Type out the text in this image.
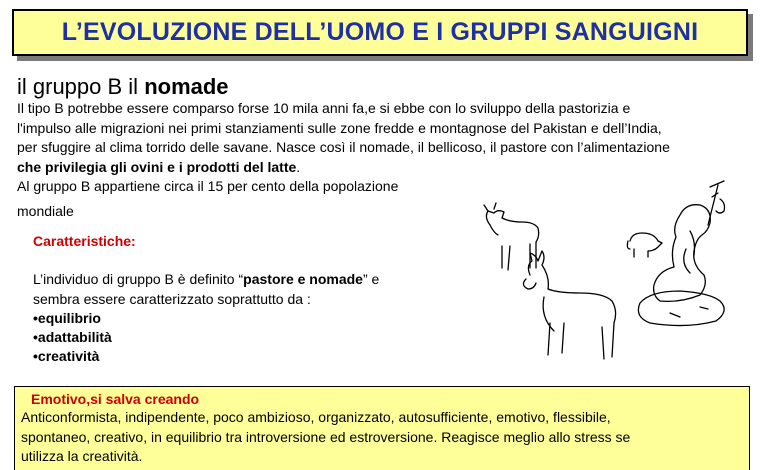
L’EVOLUZIONE DELL’UOMO E I GRUPPI SANGUIGNI
il gruppo B il nomade

Il tipo B potrebbe essere comparso forse 10 mila anni fa,e si ebbe con lo sviluppo della pastorizia e

l'impulso alle migrazioni nei primi stanziamenti sulle zone fredde e montagnose del Pakistan e dell’India,

per sfuggire al clima torrido delle savane. Nasce così il nomade, il bellicoso, il pastore con l’alimentazione

che privilegia gli ovini e i prodotti del latte.

Al gruppo B appartiene circa il 15 per cento della popolazione

mondiale
Caratteristiche:

L’individuo di gruppo B è definito “pastore e nomade” e

sembra essere caratterizzato soprattutto da :

• equilibrio
• adattabilità
• creatività
Emotivo,si salva creando

Anticonformista, indipendente, poco ambizioso, organizzato, autosufficiente, emotivo, flessibile,

spontaneo, creativo, in equilibrio tra introversione ed estroversione. Reagisce meglio allo stress se

utilizza la creatività.
